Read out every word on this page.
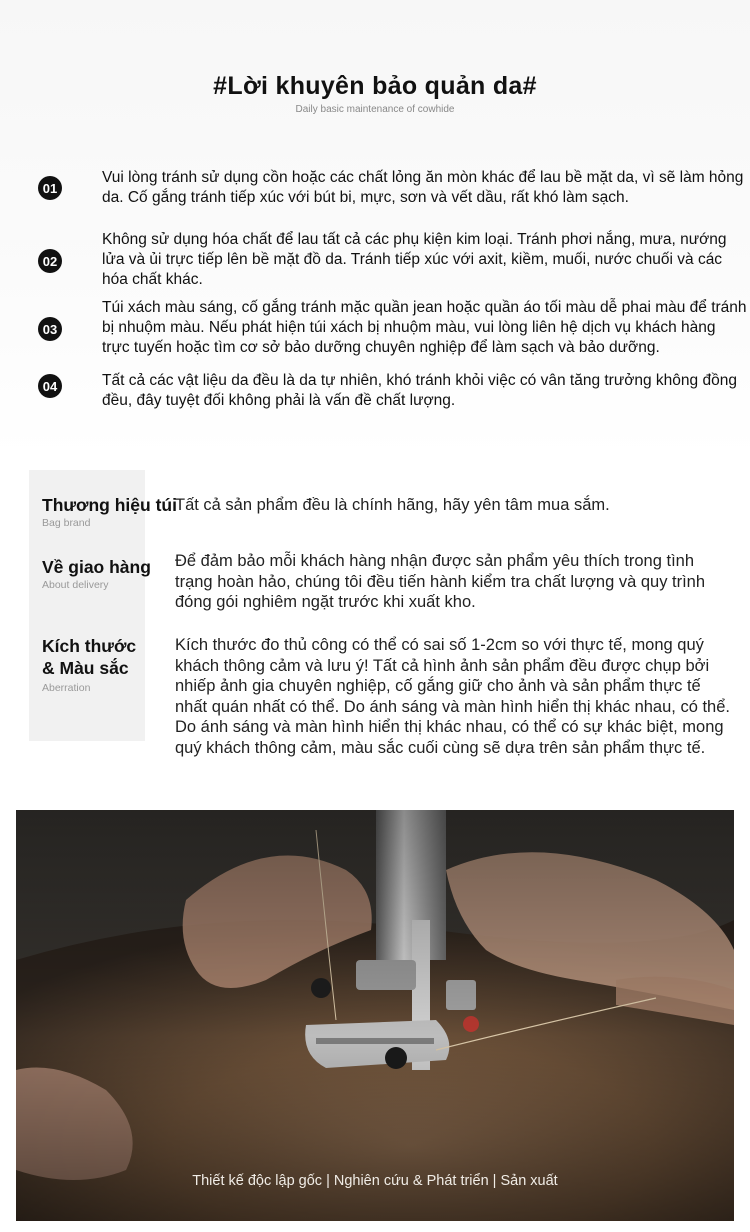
#Lời khuyên bảo quản da#
Daily basic maintenance of cowhide
01
Vui lòng tránh sử dụng cồn hoặc các chất lỏng ăn mòn khác để lau bề mặt da, vì sẽ làm hỏng da. Cố gắng tránh tiếp xúc với bút bi, mực, sơn và vết dầu, rất khó làm sạch.
02
Không sử dụng hóa chất để lau tất cả các phụ kiện kim loại. Tránh phơi nắng, mưa, nướng lửa và ủi trực tiếp lên bề mặt đồ da. Tránh tiếp xúc với axit, kiềm, muối, nước chuối và các hóa chất khác.
03
Túi xách màu sáng, cố gắng tránh mặc quần jean hoặc quần áo tối màu dễ phai màu để tránh bị nhuộm màu. Nếu phát hiện túi xách bị nhuộm màu, vui lòng liên hệ dịch vụ khách hàng trực tuyến hoặc tìm cơ sở bảo dưỡng chuyên nghiệp để làm sạch và bảo dưỡng.
04	Tất cả các vật liệu da đều là da tự nhiên, khó tránh khỏi việc có vân tăng trưởng không đồng đều, đây tuyệt đối không phải là vấn đề chất lượng.
Thương hiệu túi
Bag brand
Tất cả sản phẩm đều là chính hãng, hãy yên tâm mua sắm.
Về giao hàng
About delivery
Để đảm bảo mỗi khách hàng nhận được sản phẩm yêu thích trong tình trạng hoàn hảo, chúng tôi đều tiến hành kiểm tra chất lượng và quy trình đóng gói nghiêm ngặt trước khi xuất kho.
Kích thước & Màu sắc
Aberration
Kích thước đo thủ công có thể có sai số 1-2cm so với thực tế, mong quý khách thông cảm và lưu ý! Tất cả hình ảnh sản phẩm đều được chụp bởi nhiếp ảnh gia chuyên nghiệp, cố gắng giữ cho ảnh và sản phẩm thực tế nhất quán nhất có thể. Do ánh sáng và màn hình hiển thị khác nhau, có thể. Do ánh sáng và màn hình hiển thị khác nhau, có thể có sự khác biệt, mong quý khách thông cảm, màu sắc cuối cùng sẽ dựa trên sản phẩm thực tế.
Thiết kế độc lập gốc | Nghiên cứu & Phát triển | Sản xuất
